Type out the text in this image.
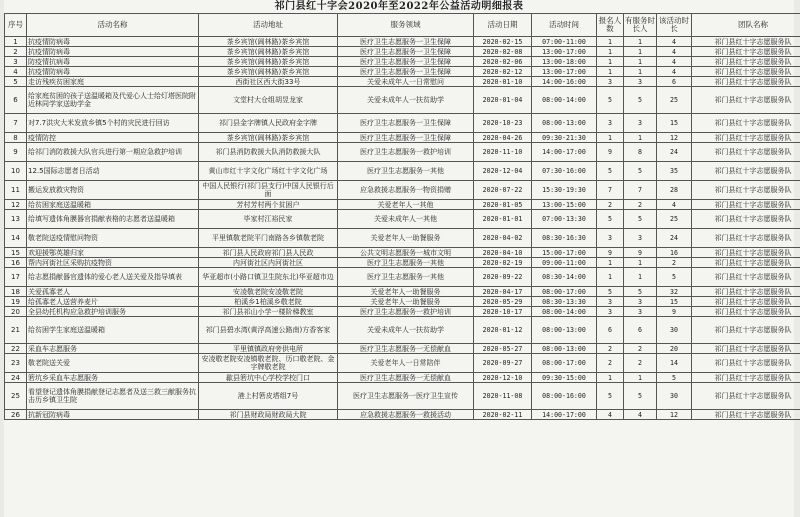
祁门县红十字会2020年至2022年公益活动明细报表
序号	活动名称	活动地址	服务领域	活动日期	活动时间	报名人数	有服务时长人	该活动时长	团队名称
1	抗疫情防病毒	茶乡宾馆(阊林路)茶乡宾馆	医疗卫生志愿服务一卫生保障	2020-02-15	07:00-11:00	1	1	4	祁门县红十字志愿服务队
2	抗疫情防病毒	茶乡宾馆(阊林路)茶乡宾馆	医疗卫生志愿服务一卫生保障	2020-02-08	13:00-17:00	1	1	4	祁门县红十字志愿服务队
3	防疫情抗病毒	茶乡宾馆(阊林路)茶乡宾馆	医疗卫生志愿服务一卫生保障	2020-02-06	13:00-18:00	1	1	4	祁门县红十字志愿服务队
4	抗疫情防病毒	茶乡宾馆(阊林路)茶乡宾馆	医疗卫生志愿服务一卫生保障	2020-02-12	13:00-17:00	1	1	4	祁门县红十字志愿服务队
5	走访残疾贫困家庭	西街社区西大街33号	关爱未成年人一日常慰问	2020-01-10	14:00-16:00	3	3	6	祁门县红十字志愿服务队
6	给家庭贫困的孩子送温暖箱及代爱心人士给灯塔医院附近林同学家送助学金	文堂村大仓组胡昱龙家	关爱未成年人一扶贫助学	2020-01-04	08:00-14:00	5	5	25	祁门县红十字志愿服务队
7	对7.7洪灾大米发放乡镇5个村的灾民进行回访	祁门县金字牌镇人民政府金字牌	医疗卫生志愿服务一卫生保障	2020-10-23	08:00-13:00	3	3	15	祁门县红十字志愿服务队
8	疫情防控	茶乡宾馆(阊林路)茶乡宾馆	医疗卫生志愿服务一卫生保障	2020-04-26	09:30-21:30	1	1	12	祁门县红十字志愿服务队
9	给祁门消防救援大队官兵进行第一期应急救护培训	祁门县消防救援大队消防救援大队	医疗卫生志愿服务一救护培训	2020-11-10	14:00-17:00	9	8	24	祁门县红十字志愿服务队
10	12.5国际志愿者日活动	黄山市红十字文化广场红十字文化广场	医疗卫生志愿服务一其他	2020-12-04	07:30-16:00	5	5	35	祁门县红十字志愿服务队
11	搬运发放救灾物资	中国人民银行(祁门县支行)中国人民银行后面	应急救援志愿服务一物资捐赠	2020-07-22	15:30-19:30	7	7	28	祁门县红十字志愿服务队
12	给贫困家庭送温暖箱	芳村芳村两个贫困户	关爱老年人一其他	2020-01-05	13:00-15:00	2	2	4	祁门县红十字志愿服务队
13	给填写遗体角膜器官捐献表格的志愿者送温暖箱	毕家村江裕民家	关爱未成年人一其他	2020-01-01	07:00-13:30	5	5	25	祁门县红十字志愿服务队
14	敬老院送疫情慰问物资	平里镇敬老院平门南路各乡镇敬老院	关爱老年人一助餐服务	2020-04-02	08:30-16:30	3	3	24	祁门县红十字志愿服务队
15	欢迎援鄂英雄归家	祁门县人民政府祁门县人民政	公共文明志愿服务一城市文明	2020-04-10	15:00-17:00	9	9	16	祁门县红十字志愿服务队
16	帮内河街社区采购抗疫物资	内河街社区内河街社区	医疗卫生志愿服务一其他	2020-02-19	09:00-11:00	1	1	2	祁门县红十字志愿服务队
17	给志愿捐献器官遗体的爱心老人送关爱及指导填表	华亚超市(小路口镇卫生院东北)华亚超市边	医疗卫生志愿服务一其他	2020-09-22	08:30-14:00	1	1	5	祁门县红十字志愿服务队
18	关爱孤寡老人	安凌敬老院安凌敬老院	关爱老年人一助餐服务	2020-04-17	08:00-17:00	5	5	32	祁门县红十字志愿服务队
19	给孤寡老人送营养麦片	柏溪乡1柏溪乡敬老院	关爱老年人一助餐服务	2020-05-29	08:30-13:30	3	3	15	祁门县红十字志愿服务队
20	全县幼托机构应急救护培训服务	祁门县祁山小学一楼阶梯教室	医疗卫生志愿服务一救护培训	2020-10-17	08:00-14:00	3	3	9	祁门县红十字志愿服务队
21	给贫困学生家庭送温暖箱	祁门县碧水湾(黄浮高速公路南)方香客家	关爱未成年人一扶贫助学	2020-01-12	08:00-13:00	6	6	30	祁门县红十字志愿服务队
22	采血车志愿服务	平里镇镇政府旁供电所	医疗卫生志愿服务一无偿献血	2020-05-27	08:00-13:00	2	2	20	祁门县红十字志愿服务队
23	敬老院送关爱	安凌敬老院安凌镇敬老院、历口敬老院、金字牌敬老院	关爱老年人一日常陪伴	2020-09-27	08:00-17:00	2	2	14	祁门县红十字志愿服务队
24	箬坑乡采血车志愿服务	歙县箬坑中心学校学校门口	医疗卫生志愿服务一无偿献血	2020-12-10	09:30-15:00	1	1	5	祁门县红十字志愿服务队
25	看望登记遗体角膜捐献登记志愿者及送三救三献服务抗击历乡镇卫生院	港上村箬皮塔组7号	医疗卫生志愿服务一医疗卫生宣传	2020-11-08	08:00-16:00	5	5	30	祁门县红十字志愿服务队
26	抗新冠防病毒	祁门县财政局财政局大院	应急救援志愿服务一救援活动	2020-02-11	14:00-17:00	4	4	12	祁门县红十字志愿服务队
